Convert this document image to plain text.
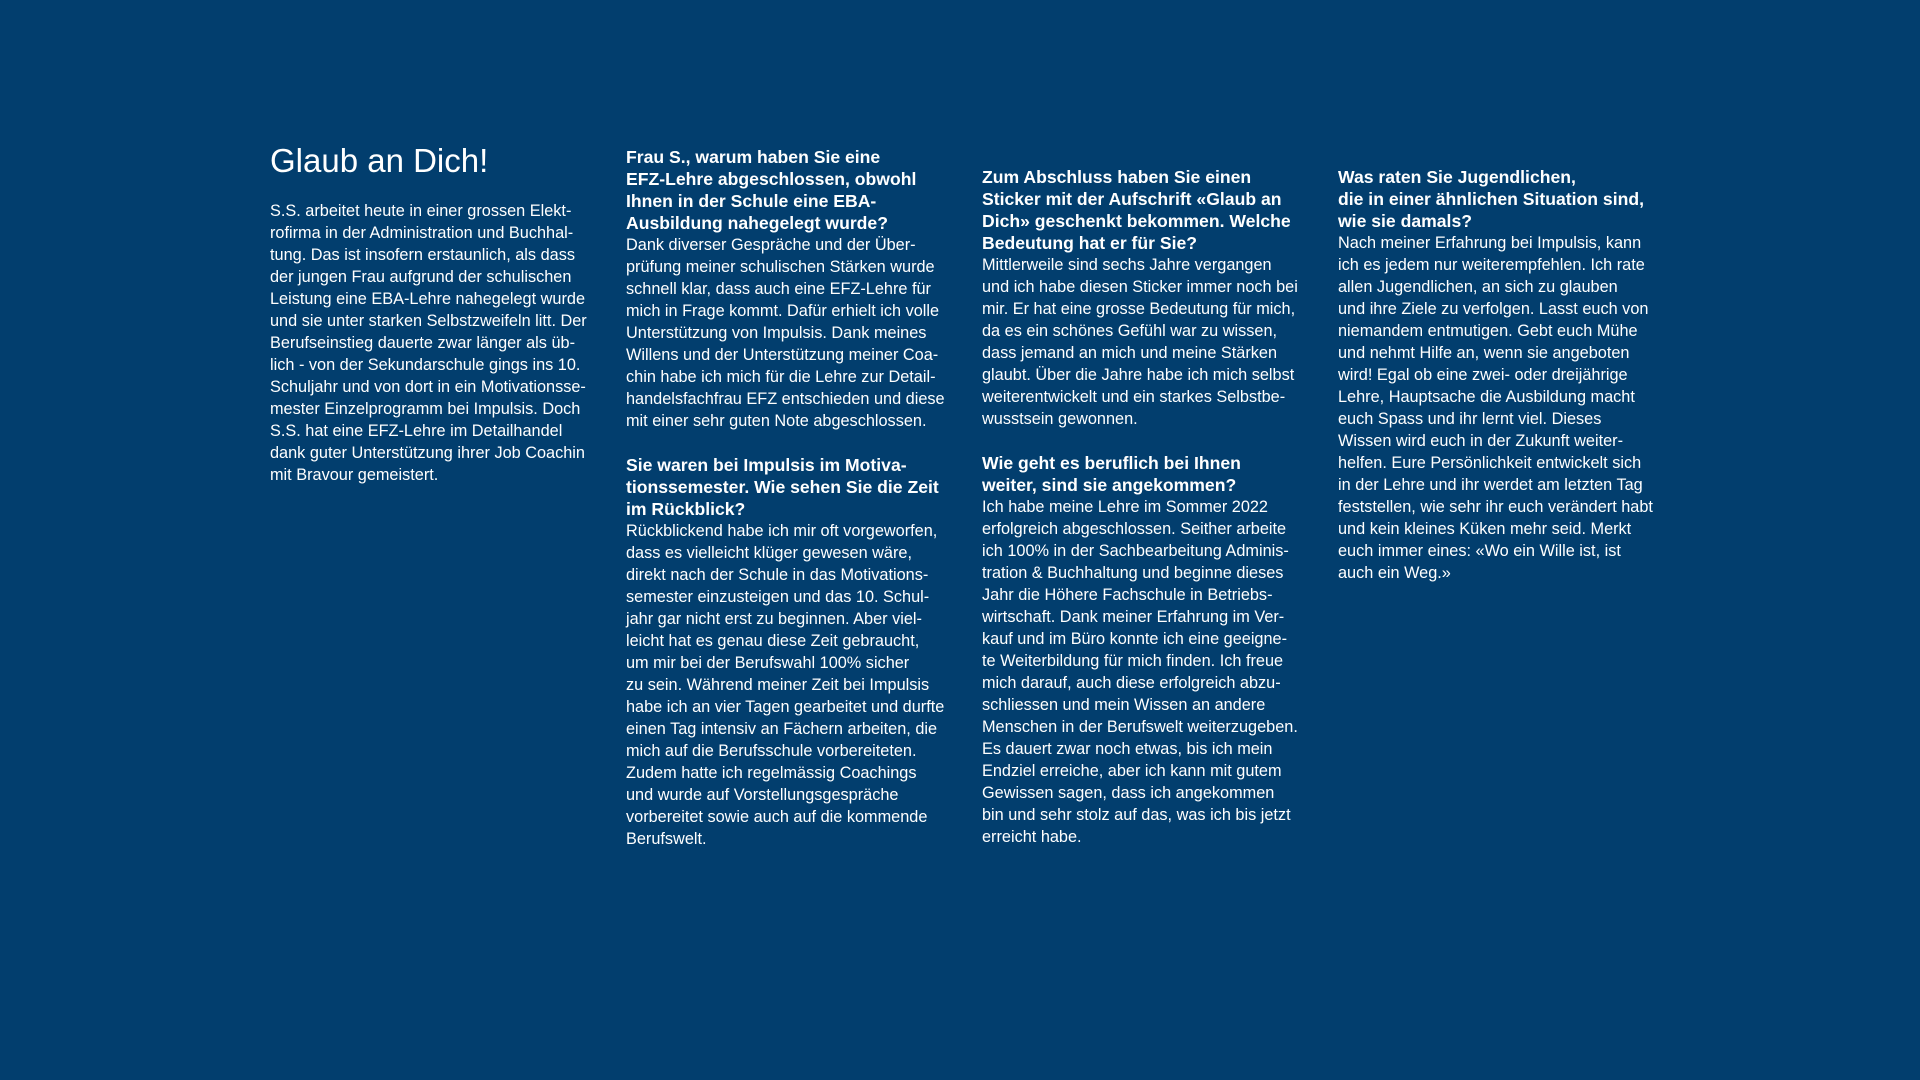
Glaub an Dich!
S.S. arbeitet heute in einer grossen Elekt-
rofirma in der Administration und Buchhal-
tung. Das ist insofern erstaunlich, als dass
der jungen Frau aufgrund der schulischen
Leistung eine EBA-Lehre nahegelegt wurde
und sie unter starken Selbstzweifeln litt. Der
Berufseinstieg dauerte zwar länger als üb-
lich - von der Sekundarschule gings ins 10.
Schuljahr und von dort in ein Motivationsse-
mester Einzelprogramm bei Impulsis. Doch
S.S. hat eine EFZ-Lehre im Detailhandel
dank guter Unterstützung ihrer Job Coachin
mit Bravour gemeistert.
Frau S., warum haben Sie eine
EFZ-Lehre abgeschlossen, obwohl
Ihnen in der Schule eine EBA-
Ausbildung nahegelegt wurde?
Dank diverser Gespräche und der Über-
prüfung meiner schulischen Stärken wurde
schnell klar, dass auch eine EFZ-Lehre für
mich in Frage kommt. Dafür erhielt ich volle
Unterstützung von Impulsis. Dank meines
Willens und der Unterstützung meiner Coa-
chin habe ich mich für die Lehre zur Detail-
handelsfachfrau EFZ entschieden und diese
mit einer sehr guten Note abgeschlossen.
Sie waren bei Impulsis im Motiva-
tionssemester. Wie sehen Sie die Zeit
im Rückblick?
Rückblickend habe ich mir oft vorgeworfen,
dass es vielleicht klüger gewesen wäre,
direkt nach der Schule in das Motivations-
semester einzusteigen und das 10. Schul-
jahr gar nicht erst zu beginnen. Aber viel-
leicht hat es genau diese Zeit gebraucht,
um mir bei der Berufswahl 100% sicher
zu sein. Während meiner Zeit bei Impulsis
habe ich an vier Tagen gearbeitet und durfte
einen Tag intensiv an Fächern arbeiten, die
mich auf die Berufsschule vorbereiteten.
Zudem hatte ich regelmässig Coachings
und wurde auf Vorstellungsgespräche
vorbereitet sowie auch auf die kommende
Berufswelt.
Zum Abschluss haben Sie einen
Sticker mit der Aufschrift «Glaub an
Dich» geschenkt bekommen. Welche
Bedeutung hat er für Sie?
Mittlerweile sind sechs Jahre vergangen
und ich habe diesen Sticker immer noch bei
mir. Er hat eine grosse Bedeutung für mich,
da es ein schönes Gefühl war zu wissen,
dass jemand an mich und meine Stärken
glaubt. Über die Jahre habe ich mich selbst
weiterentwickelt und ein starkes Selbstbe-
wusstsein gewonnen.
Wie geht es beruflich bei Ihnen
weiter, sind sie angekommen?
Ich habe meine Lehre im Sommer 2022
erfolgreich abgeschlossen. Seither arbeite
ich 100% in der Sachbearbeitung Adminis-
tration & Buchhaltung und beginne dieses
Jahr die Höhere Fachschule in Betriebs-
wirtschaft. Dank meiner Erfahrung im Ver-
kauf und im Büro konnte ich eine geeigne-
te Weiterbildung für mich finden. Ich freue
mich darauf, auch diese erfolgreich abzu-
schliessen und mein Wissen an andere
Menschen in der Berufswelt weiterzugeben.
Es dauert zwar noch etwas, bis ich mein
Endziel erreiche, aber ich kann mit gutem
Gewissen sagen, dass ich angekommen
bin und sehr stolz auf das, was ich bis jetzt
erreicht habe.
Was raten Sie Jugendlichen,
die in einer ähnlichen Situation sind,
wie sie damals?
Nach meiner Erfahrung bei Impulsis, kann
ich es jedem nur weiterempfehlen. Ich rate
allen Jugendlichen, an sich zu glauben
und ihre Ziele zu verfolgen. Lasst euch von
niemandem entmutigen. Gebt euch Mühe
und nehmt Hilfe an, wenn sie angeboten
wird! Egal ob eine zwei- oder dreijährige
Lehre, Hauptsache die Ausbildung macht
euch Spass und ihr lernt viel. Dieses
Wissen wird euch in der Zukunft weiter-
helfen. Eure Persönlichkeit entwickelt sich
in der Lehre und ihr werdet am letzten Tag
feststellen, wie sehr ihr euch verändert habt
und kein kleines Küken mehr seid. Merkt
euch immer eines: «Wo ein Wille ist, ist
auch ein Weg.»
